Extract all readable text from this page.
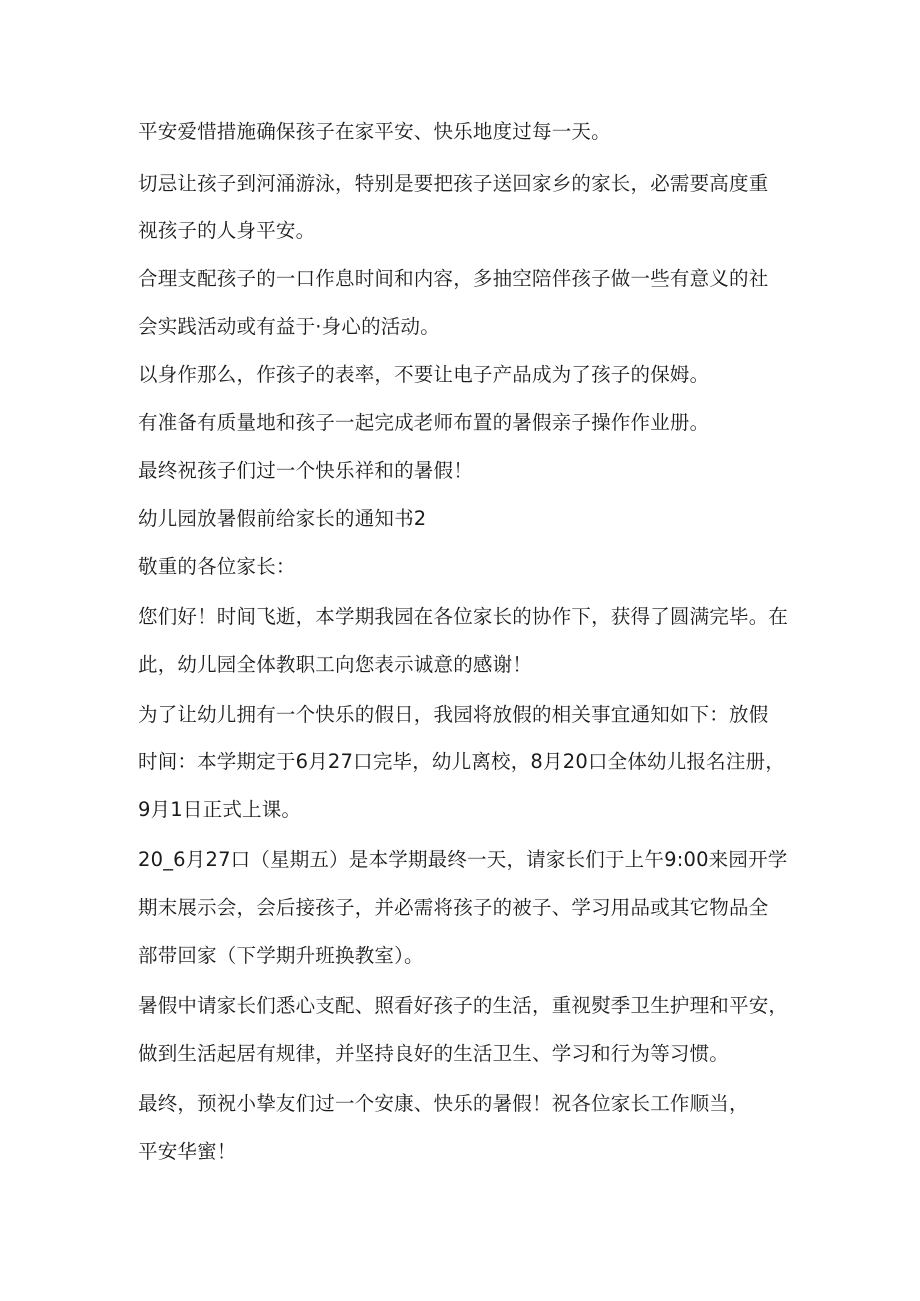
平安爱惜措施确保孩子在家平安、快乐地度过每一天。
切忌让孩子到河涌游泳，特别是要把孩子送回家乡的家长，必需要高度重
视孩子的人身平安。
合理支配孩子的一口作息时间和内容，多抽空陪伴孩子做一些有意义的社
会实践活动或有益于·身心的活动。
以身作那么，作孩子的表率，不要让电子产品成为了孩子的保姆。
有准备有质量地和孩子一起完成老师布置的暑假亲子操作作业册。
最终祝孩子们过一个快乐祥和的暑假！
幼儿园放暑假前给家长的通知书2
敬重的各位家长：
您们好！时间飞逝，本学期我园在各位家长的协作下，获得了圆满完毕。在
此，幼儿园全体教职工向您表示诚意的感谢！
为了让幼儿拥有一个快乐的假日，我园将放假的相关事宜通知如下：放假
时间：本学期定于6月27口完毕，幼儿离校，8月20口全体幼儿报名注册，
9月1日正式上课。
20_6月27口（星期五）是本学期最终一天，请家长们于上午9:00来园开学
期末展示会，会后接孩子，并必需将孩子的被子、学习用品或其它物品全
部带回家（下学期升班换教室）。
暑假中请家长们悉心支配、照看好孩子的生活，重视熨季卫生护理和平安，
做到生活起居有规律，并坚持良好的生活卫生、学习和行为等习惯。
最终，预祝小挚友们过一个安康、快乐的暑假！祝各位家长工作顺当，
平安华蜜！
